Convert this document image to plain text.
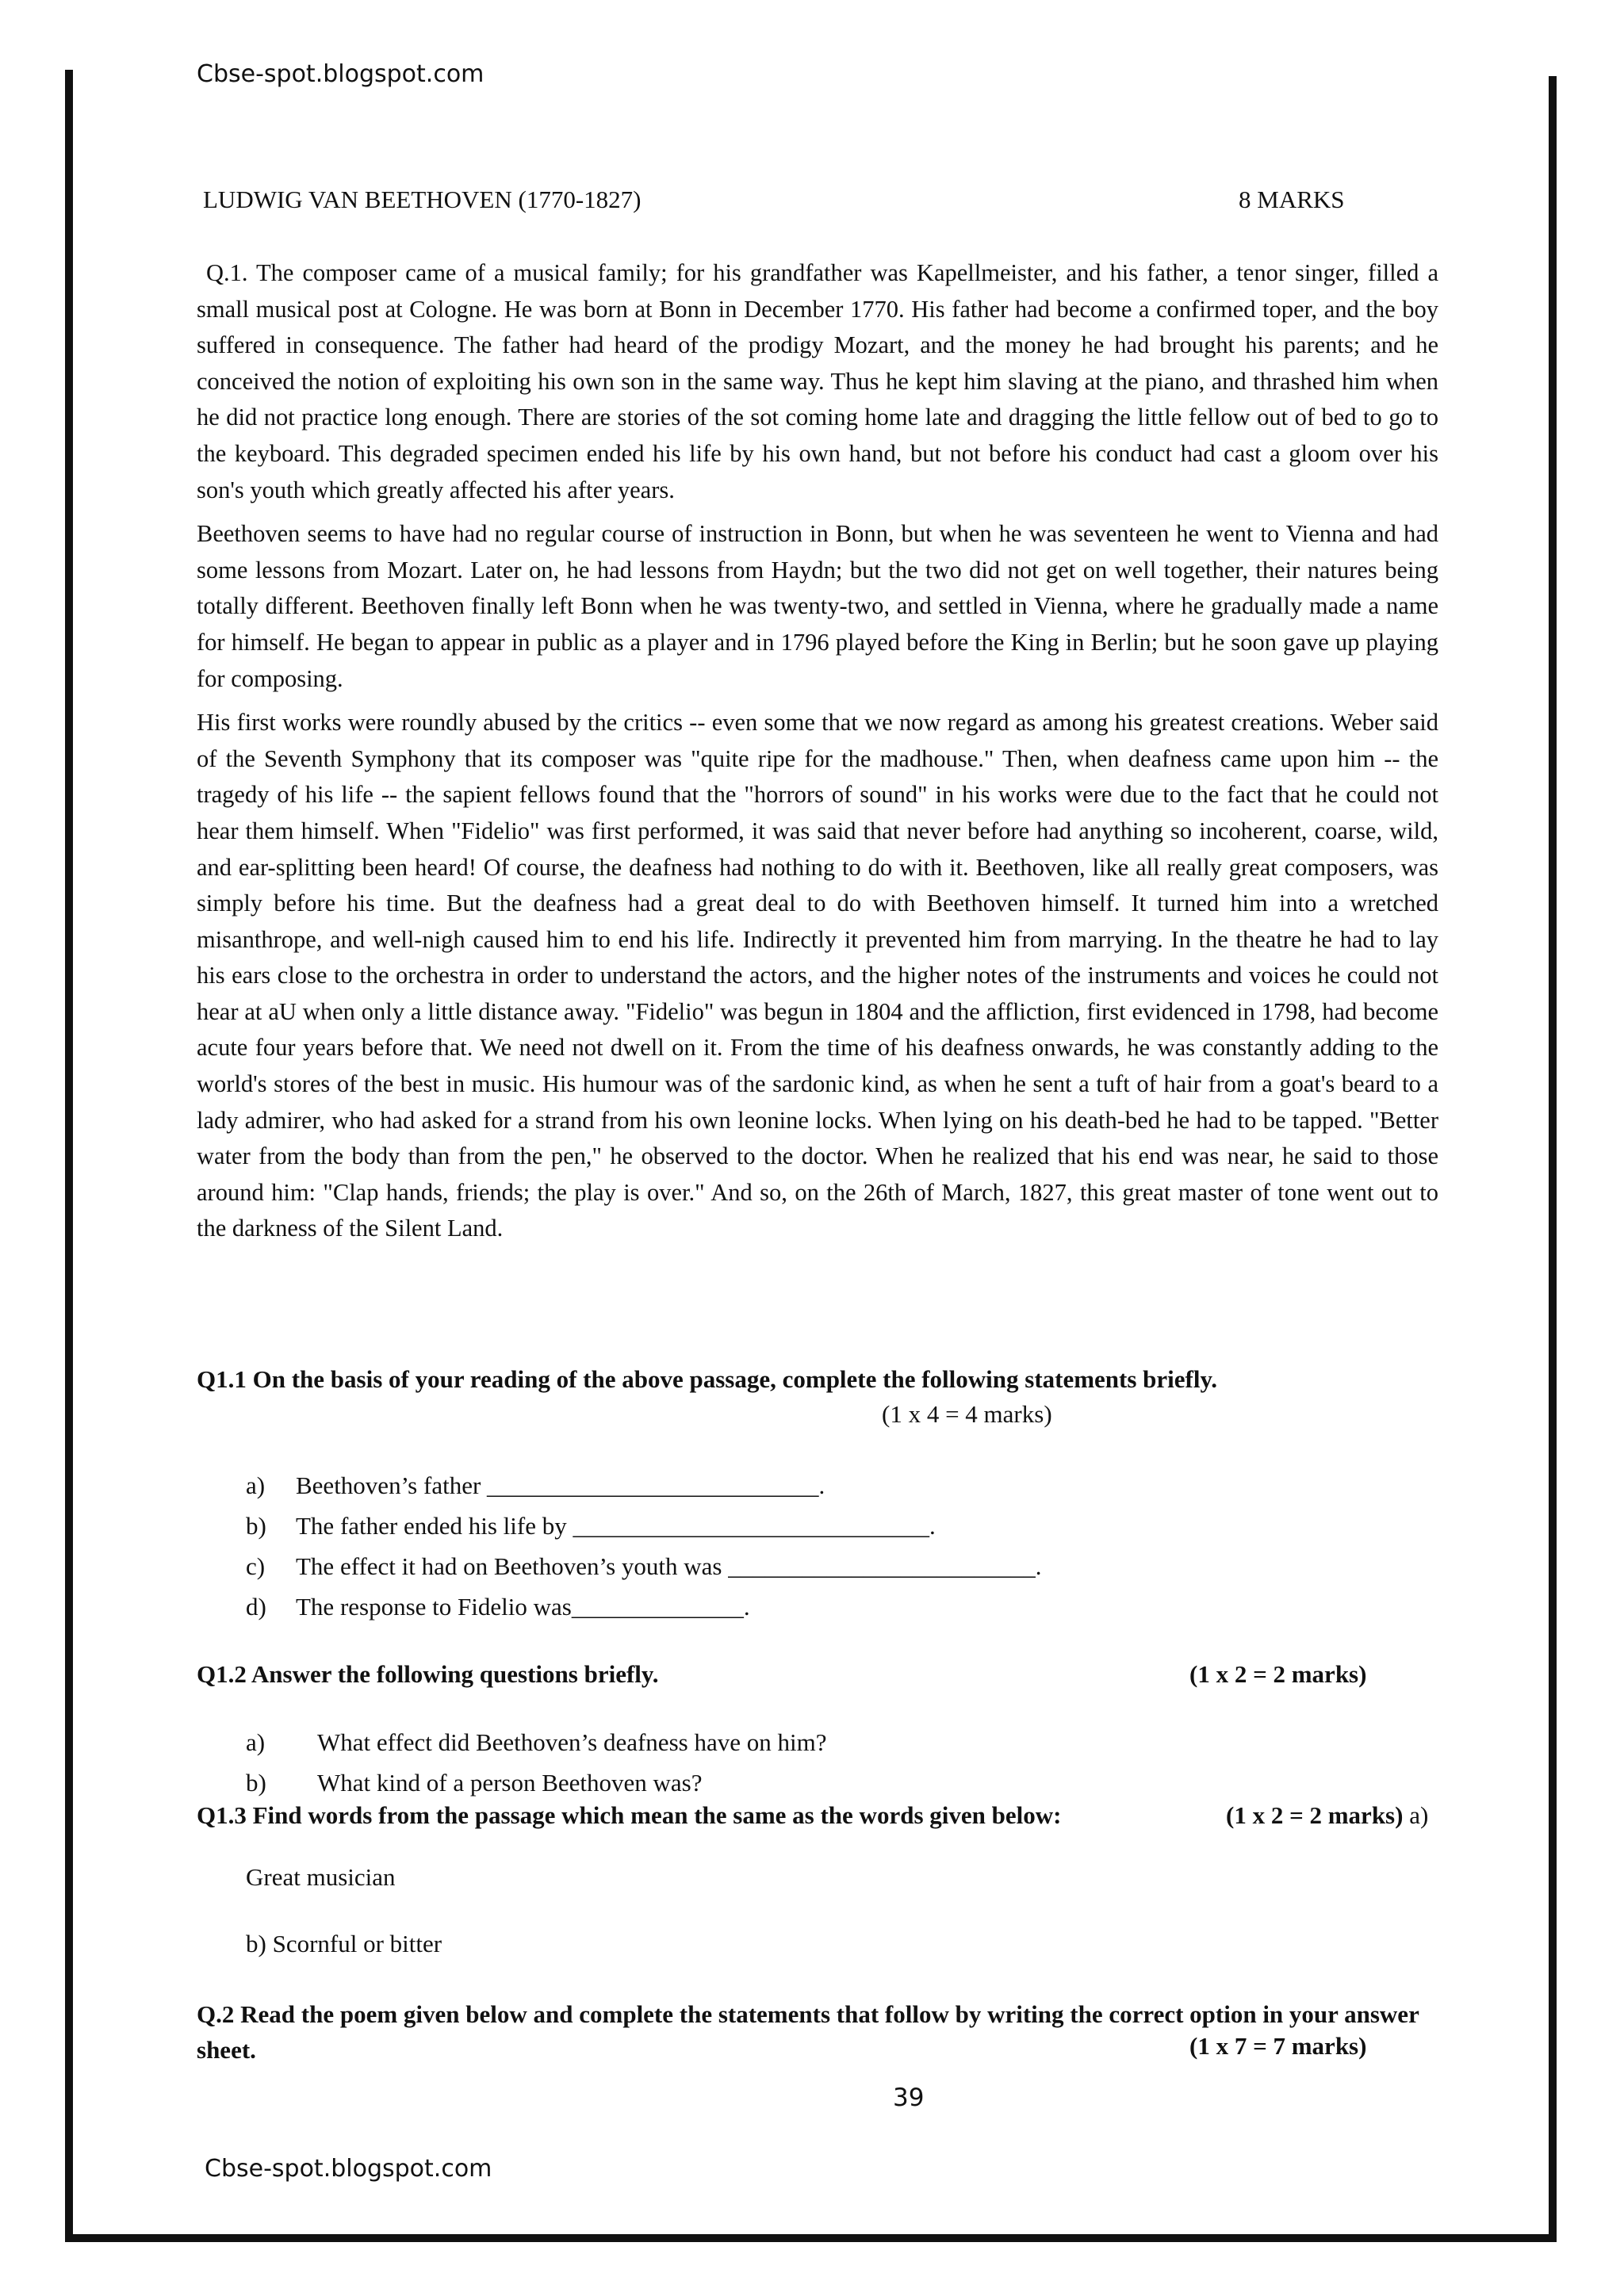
Cbse-spot.blogspot.com
LUDWIG VAN BEETHOVEN (1770-1827)	8 MARKS

Q.1. The composer came of a musical family; for his grandfather was Kapellmeister, and his father, a tenor singer, filled a small musical post at Cologne. He was born at Bonn in December 1770. His father had become a confirmed toper, and the boy suffered in consequence. The father had heard of the prodigy Mozart, and the money he had brought his parents; and he conceived the notion of exploiting his own son in the same way. Thus he kept him slaving at the piano, and thrashed him when he did not practice long enough. There are stories of the sot coming home late and dragging the little fellow out of bed to go to the keyboard. This degraded specimen ended his life by his own hand, but not before his conduct had cast a gloom over his son's youth which greatly affected his after years.

Beethoven seems to have had no regular course of instruction in Bonn, but when he was seventeen he went to Vienna and had some lessons from Mozart. Later on, he had lessons from Haydn; but the two did not get on well together, their natures being totally different. Beethoven finally left Bonn when he was twenty-two, and settled in Vienna, where he gradually made a name for himself. He began to appear in public as a player and in 1796 played before the King in Berlin; but he soon gave up playing for composing.

His first works were roundly abused by the critics -- even some that we now regard as among his greatest creations. Weber said of the Seventh Symphony that its composer was "quite ripe for the madhouse." Then, when deafness came upon him -- the tragedy of his life -- the sapient fellows found that the "horrors of sound" in his works were due to the fact that he could not hear them himself. When "Fidelio" was first performed, it was said that never before had anything so incoherent, coarse, wild, and ear-splitting been heard! Of course, the deafness had nothing to do with it. Beethoven, like all really great composers, was simply before his time. But the deafness had a great deal to do with Beethoven himself. It turned him into a wretched misanthrope, and well-nigh caused him to end his life. Indirectly it prevented him from marrying. In the theatre he had to lay his ears close to the orchestra in order to understand the actors, and the higher notes of the instruments and voices he could not hear at aU when only a little distance away. "Fidelio" was begun in 1804 and the affliction, first evidenced in 1798, had become acute four years before that. We need not dwell on it. From the time of his deafness onwards, he was constantly adding to the world's stores of the best in music. His humour was of the sardonic kind, as when he sent a tuft of hair from a goat's beard to a lady admirer, who had asked for a strand from his own leonine locks. When lying on his death-bed he had to be tapped. "Better water from the body than from the pen," he observed to the doctor. When he realized that his end was near, he said to those around him: "Clap hands, friends; the play is over." And so, on the 26th of March, 1827, this great master of tone went out to the darkness of the Silent Land.

Q1.1 On the basis of your reading of the above passage, complete the following statements briefly.
(1 x 4 = 4 marks)
a) Beethoven’s father ___________________________.
b) The father ended his life by _____________________________.
c) The effect it had on Beethoven’s youth was _________________________.
d) The response to Fidelio was______________.
Q1.2 Answer the following questions briefly.	(1 x 2 = 2 marks)
a) What effect did Beethoven’s deafness have on him?
b) What kind of a person Beethoven was?
Q1.3 Find words from the passage which mean the same as the words given below:	(1 x 2 = 2 marks) a)
Great musician
b) Scornful or bitter
Q.2 Read the poem given below and complete the statements that follow by writing the correct option in your answer sheet.	(1 x 7 = 7 marks)
39
Cbse-spot.blogspot.com
